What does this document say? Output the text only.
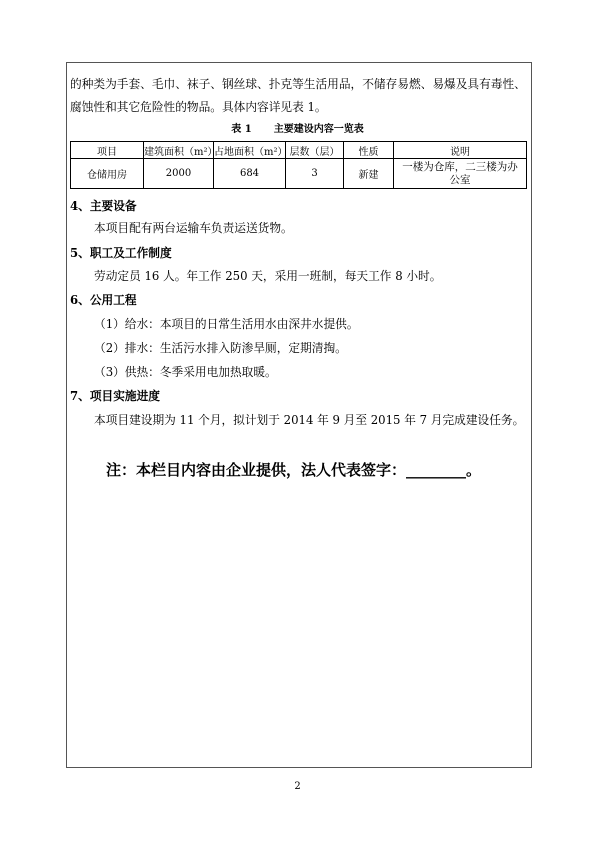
的种类为手套、毛巾、袜子、钢丝球、扑克等生活用品，不储存易燃、易爆及具有毒性、
腐蚀性和其它危险性的物品。具体内容详见表 1。
表 1 主要建设内容一览表
项目	建筑面积（m²）	占地面积（m²）	层数（层）	性质	说明
仓储用房	2000	684	3	新建	一楼为仓库，二三楼为办公室
4、主要设备
本项目配有两台运输车负责运送货物。
5、职工及工作制度
劳动定员 16 人。年工作 250 天，采用一班制，每天工作 8 小时。
6、公用工程
（1）给水：本项目的日常生活用水由深井水提供。
（2）排水：生活污水排入防渗旱厕，定期清掏。
（3）供热：冬季采用电加热取暖。
7、项目实施进度
本项目建设期为 11 个月，拟计划于 2014 年 9 月至 2015 年 7 月完成建设任务。
注：本栏目内容由企业提供，法人代表签字：________。
2
